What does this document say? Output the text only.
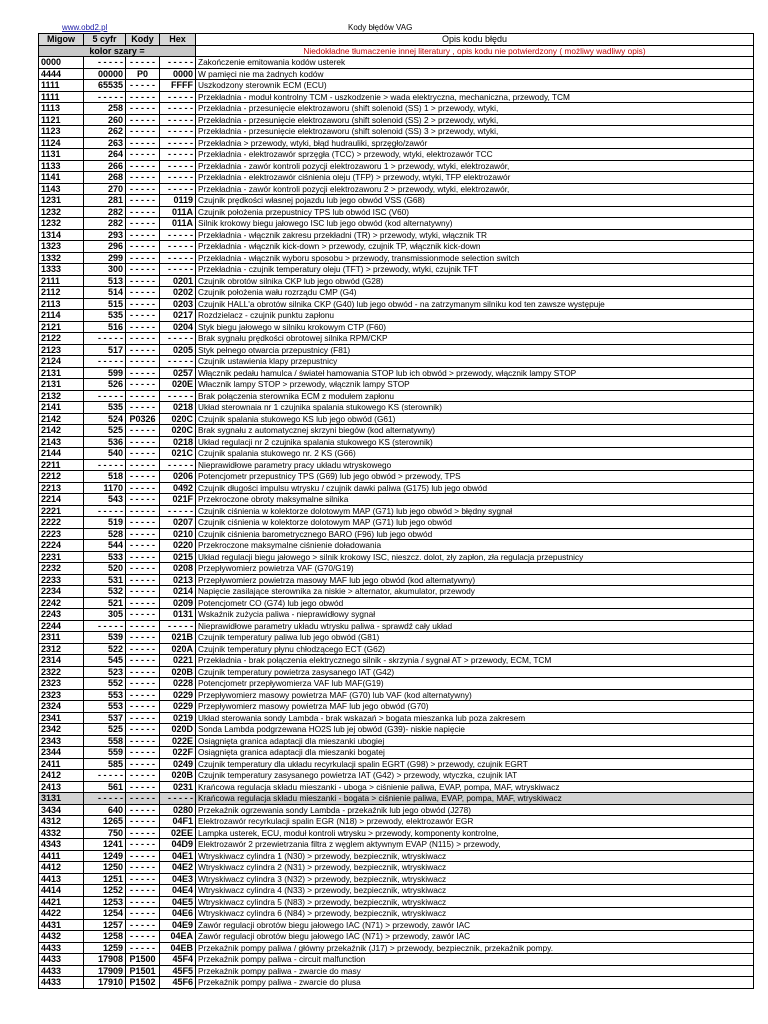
www.obd2.pl	Kody błędów VAG
Migow	5 cyfr	Kody	Hex	Opis kodu błędu
kolor szary =				Niedokładne tłumaczenie innej literatury , opis kodu nie potwierdzony ( możliwy wadliwy opis)
0000	- - - - -	- - - - -	- - - - -	Zakończenie emitowania kodów usterek
4444	00000	P0	0000	W pamięci nie ma żadnych kodów
1111	65535	- - - - -	FFFF	Uszkodzony sterownik ECM (ECU)
1111	- - - - -	- - - - -	- - - - -	Przekładnia - moduł kontrolny TCM - uszkodzenie > wada elektryczna, mechaniczna, przewody, TCM
1113	258	- - - - -	- - - - -	Przekładnia - przesunięcie elektrozaworu (shift solenoid (SS) 1 > przewody, wtyki,
1121	260	- - - - -	- - - - -	Przekładnia - przesunięcie elektrozaworu (shift solenoid (SS) 2 > przewody, wtyki,
1123	262	- - - - -	- - - - -	Przekładnia - przesunięcie elektrozaworu (shift solenoid (SS) 3 > przewody, wtyki,
1124	263	- - - - -	- - - - -	Przekładnia > przewody, wtyki, błąd hudrauliki, sprzęgło/zawór
1131	264	- - - - -	- - - - -	Przekładnia - elektrozawór sprzęgła (TCC) > przewody, wtyki, elektrozawór TCC
1133	266	- - - - -	- - - - -	Przekładnia - zawór kontroli pozycji elektrozaworu 1 > przewody, wtyki, elektrozawór,
1141	268	- - - - -	- - - - -	Przekładnia - elektrozawór ciśnienia oleju (TFP) > przewody, wtyki, TFP elektrozawór
1143	270	- - - - -	- - - - -	Przekładnia - zawór kontroli pozycji elektrozaworu 2 > przewody, wtyki, elektrozawór,
1231	281	- - - - -	0119	Czujnik prędkości własnej pojazdu lub jego obwód VSS (G68)
1232	282	- - - - -	011A	Czujnik położenia przepustnicy TPS lub obwód ISC (V60)
1232	282	- - - - -	011A	Silnik krokowy biegu jałowego ISC lub jego obwód (kod alternatywny)
1314	293	- - - - -	- - - - -	Przekładnia - włącznik zakresu przekładni (TR) > przewody, wtyki, włącznik TR
1323	296	- - - - -	- - - - -	Przekładnia - włącznik kick-down > przewody, czujnik TP, włącznik kick-down
1332	299	- - - - -	- - - - -	Przekładnia - włącznik wyboru sposobu > przewody, transmissionmode selection switch
1333	300	- - - - -	- - - - -	Przekładnia - czujnik temperatury oleju (TFT) > przewody, wtyki, czujnik TFT
2111	513	- - - - -	0201	Czujnik obrotów silnika CKP lub jego obwód (G28)
2112	514	- - - - -	0202	Czujnik położenia wału rozrządu CMP (G4)
2113	515	- - - - -	0203	Czujnik HALL'a obrotów silnika CKP (G40) lub jego obwód - na zatrzymanym silniku kod ten zawsze występuje
2114	535	- - - - -	0217	Rozdzielacz - czujnik punktu zapłonu
2121	516	- - - - -	0204	Styk biegu jałowego w silniku krokowym CTP (F60)
2122	- - - - -	- - - - -	- - - - -	Brak sygnału prędkości obrotowej silnika RPM/CKP
2123	517	- - - - -	0205	Styk pełnego otwarcia przepustnicy (F81)
2124	- - - - -	- - - - -	- - - - -	Czujnik ustawienia klapy przepustnicy
2131	599	- - - - -	0257	Włącznik pedału hamulca / świateł hamowania STOP lub ich obwód > przewody, włącznik lampy STOP
2131	526	- - - - -	020E	Włacznik lampy STOP > przewody, włącznik lampy STOP
2132	- - - - -	- - - - -	- - - - -	Brak połączenia sterownika ECM z modułem zapłonu
2141	535	- - - - -	0218	Układ sterownaia nr 1 czujnika spalania stukowego KS (sterownik)
2142	524	P0326	020C	Czujnik spalania stukowego KS lub jego obwód (G61)
2142	525	- - - - -	020C	Brak sygnału z automatycznej skrzyni biegów (kod alternatywny)
2143	536	- - - - -	0218	Układ regulacji nr 2 czujnika spalania stukowego KS (sterownik)
2144	540	- - - - -	021C	Czujnik spalania stukowego nr. 2 KS (G66)
2211	- - - - -	- - - - -	- - - - -	Nieprawidłowe parametry pracy układu wtryskowego
2212	518	- - - - -	0206	Potencjometr przepustnicy TPS (G69) lub jego obwód > przewody, TPS
2213	1170	- - - - -	0492	Czujnik długości impulsu wtrysku / czujnik dawki paliwa (G175) lub jego obwód
2214	543	- - - - -	021F	Przekroczone obroty maksymalne silnika
2221	- - - - -	- - - - -	- - - - -	Czujnik ciśnienia w kolektorze dolotowym MAP (G71) lub jego obwód > błędny sygnał
2222	519	- - - - -	0207	Czujnik ciśnienia w kolektorze dolotowym MAP (G71) lub jego obwód
2223	528	- - - - -	0210	Czujnik ciśnienia barometrycznego BARO (F96) lub jego obwód
2224	544	- - - - -	0220	Przekroczone maksymalne ciśnienie doładowania
2231	533	- - - - -	0215	Układ regulacji biegu jałowego > silnik krokowy ISC, nieszcz. dolot, zły zapłon, zła regulacja przepustnicy
2232	520	- - - - -	0208	Przepływomierz powietrza VAF (G70/G19)
2233	531	- - - - -	0213	Przepływomierz powietrza masowy MAF lub jego obwód (kod alternatywny)
2234	532	- - - - -	0214	Napięcie zasilające sterownika za niskie > alternator, akumulator, przewody
2242	521	- - - - -	0209	Potencjometr CO (G74) lub jego obwód
2243	305	- - - - -	0131	Wskaźnik zużycia paliwa - nieprawidłowy sygnał
2244	- - - - -	- - - - -	- - - - -	Nieprawidłowe parametry układu wtrysku paliwa - sprawdź cały układ
2311	539	- - - - -	021B	Czujnik temperatury paliwa lub jego obwód (G81)
2312	522	- - - - -	020A	Czujnik temperatury płynu chłodzącego ECT (G62)
2314	545	- - - - -	0221	Przekładnia - brak połączenia elektrycznego silnik - skrzynia / sygnał AT > przewody, ECM, TCM
2322	523	- - - - -	020B	Czujnik temperatury powietrza zasysanego IAT (G42)
2323	552	- - - - -	0228	Potencjometr przepływomierza VAF lub MAF(G19)
2323	553	- - - - -	0229	Przepływomierz masowy powietrza MAF (G70) lub VAF (kod alternatywny)
2324	553	- - - - -	0229	Przepływomierz masowy powietrza MAF lub jego obwód (G70)
2341	537	- - - - -	0219	Układ sterowania sondy Lambda - brak wskazań > bogata mieszanka lub poza zakresem
2342	525	- - - - -	020D	Sonda Lambda podgrzewana HO2S lub jej obwód (G39)- niskie napięcie
2343	558	- - - - -	022E	Osiągnięta granica adaptacji dla mieszanki ubogiej
2344	559	- - - - -	022F	Osiągnięta granica adaptacji dla mieszanki bogatej
2411	585	- - - - -	0249	Czujnik temperatury dla układu recyrkulacji spalin EGRT (G98) > przewody, czujnik EGRT
2412	- - - - -	- - - - -	020B	Czujnik temperatury zasysanego powietrza IAT (G42) > przewody, wtyczka, czujnik IAT
2413	561	- - - - -	0231	Krańcowa regulacja składu mieszanki - uboga > ciśnienie paliwa, EVAP, pompa, MAF, wtryskiwacz
3131	- - - - -	- - - - -	- - - - -	Krańcowa regulacja składu mieszanki - bogata > ciśnienie paliwa, EVAP, pompa, MAF, wtryskiwacz
3434	640	- - - - -	0280	Przekaźnik ogrzewania sondy Lambda - przekaźnik lub jego obwód (J278)
4312	1265	- - - - -	04F1	Elektrozawór recyrkulacji spalin EGR (N18) > przewody, elektrozawór EGR
4332	750	- - - - -	02EE	Lampka usterek, ECU, moduł kontroli wtrysku > przewody, komponenty kontrolne,
4343	1241	- - - - -	04D9	Elektrozawór 2 przewietrzania filtra z węglem aktywnym EVAP (N115) > przewody,
4411	1249	- - - - -	04E1	Wtryskiwacz cylindra 1 (N30) > przewody, bezpiecznik, wtryskiwacz
4412	1250	- - - - -	04E2	Wtryskiwacz cylindra 2 (N31) > przewody, bezpiecznik, wtryskiwacz
4413	1251	- - - - -	04E3	Wtryskiwacz cylindra 3 (N32) > przewody, bezpiecznik, wtryskiwacz
4414	1252	- - - - -	04E4	Wtryskiwacz cylindra 4 (N33) > przewody, bezpiecznik, wtryskiwacz
4421	1253	- - - - -	04E5	Wtryskiwacz cylindra 5 (N83) > przewody, bezpiecznik, wtryskiwacz
4422	1254	- - - - -	04E6	Wtryskiwacz cylindra 6 (N84) > przewody, bezpiecznik, wtryskiwacz
4431	1257	- - - - -	04E9	Zawór regulacji obrotów biegu jałowego IAC (N71) > przewody, zawór IAC
4432	1258	- - - - -	04EA	Zawór regulacji obrotów biegu jałowego IAC (N71) > przewody, zawór IAC
4433	1259	- - - - -	04EB	Przekaźnik pompy paliwa / główny przekaźnik (J17) > przewody, bezpiecznik, przekaźnik pompy.
4433	17908	P1500	45F4	Przekaźnik pompy paliwa - circuit malfunction
4433	17909	P1501	45F5	Przekaźnik pompy paliwa - zwarcie do masy
4433	17910	P1502	45F6	Przekaźnik pompy paliwa - zwarcie do plusa
